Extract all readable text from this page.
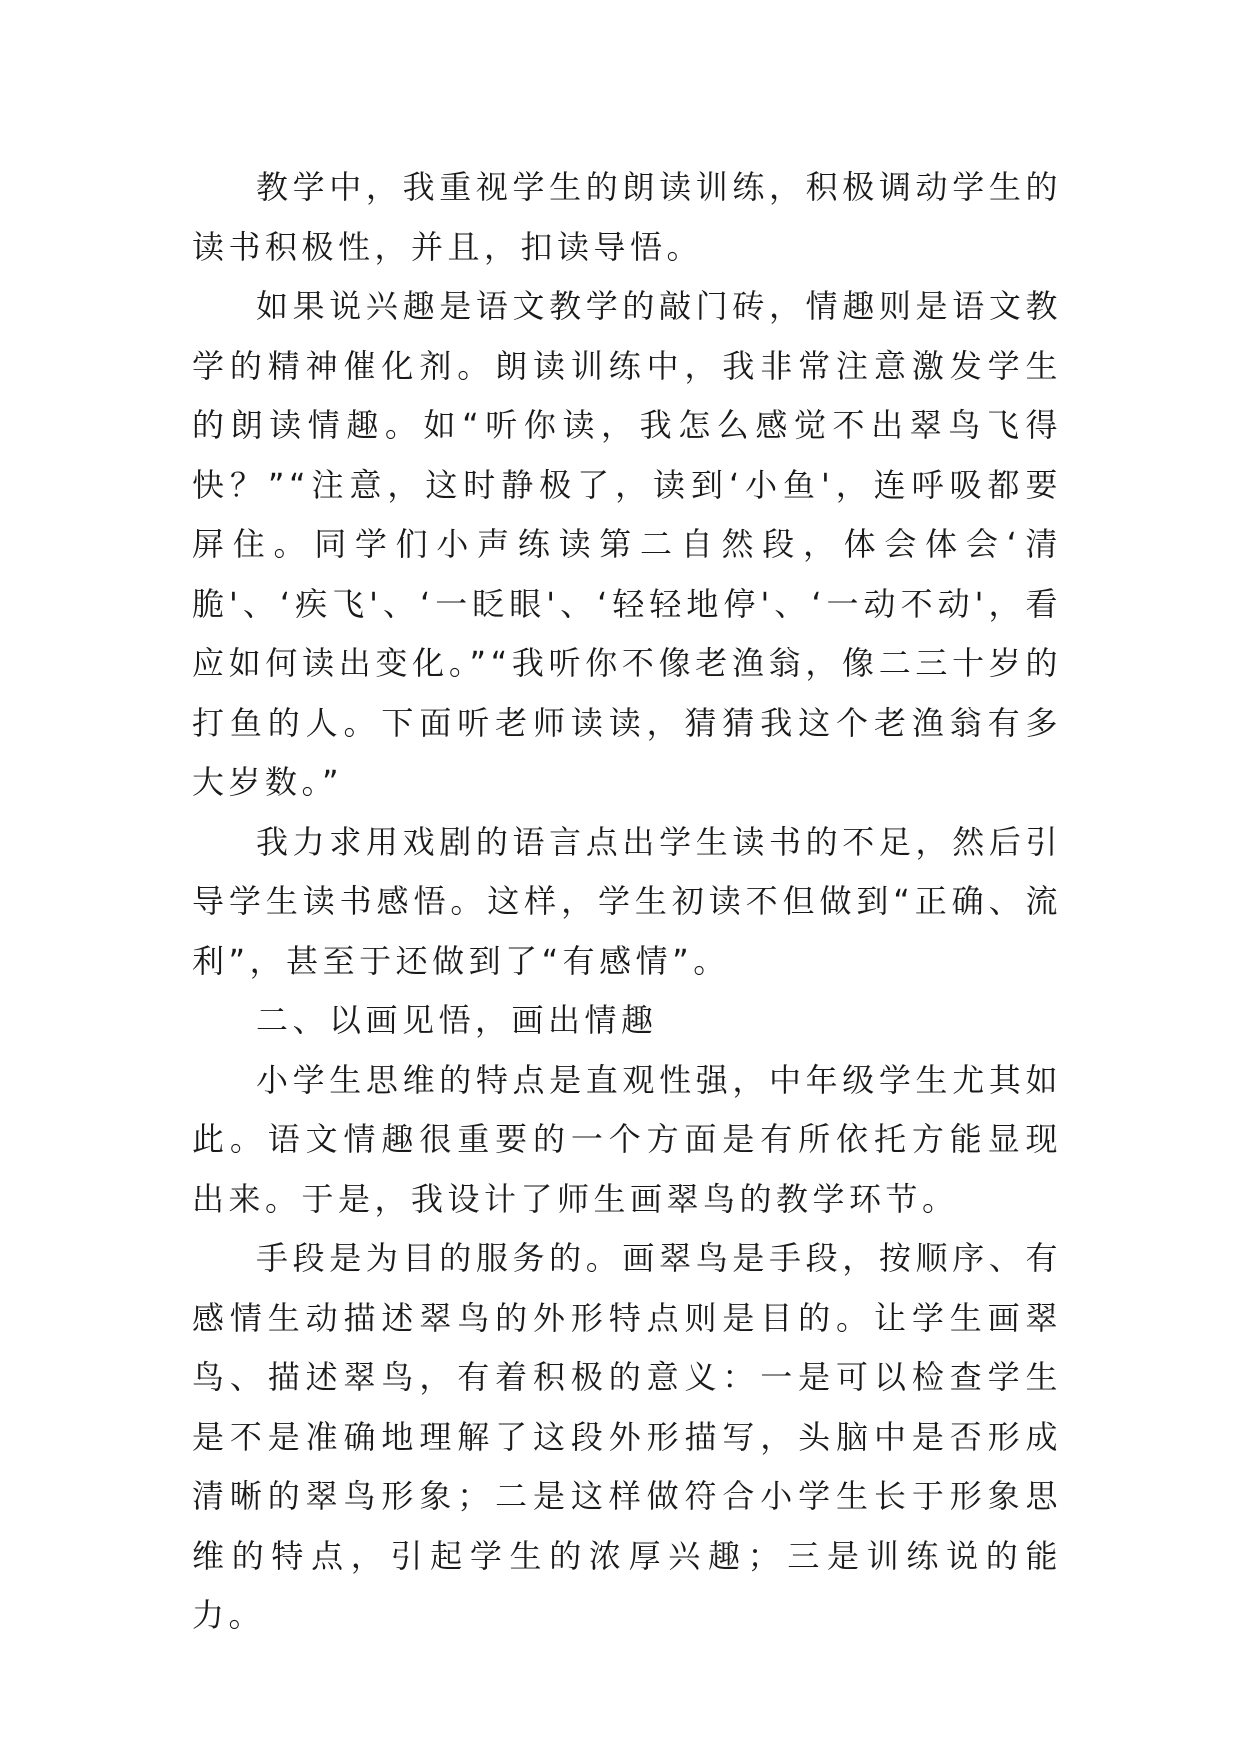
教学中，我重视学生的朗读训练，积极调动学生的读书积极性，并且，扣读导悟。

如果说兴趣是语文教学的敲门砖，情趣则是语文教学的精神催化剂。朗读训练中，我非常注意激发学生的朗读情趣。如“听你读，我怎么感觉不出翠鸟飞得快？”“注意，这时静极了，读到‘小鱼'，连呼吸都要屏住。同学们小声练读第二自然段，体会体会‘清脆'、‘疾飞'、‘一眨眼'、‘轻轻地停'、‘一动不动'，看应如何读出变化。”“我听你不像老渔翁，像二三十岁的打鱼的人。下面听老师读读，猜猜我这个老渔翁有多大岁数。”

我力求用戏剧的语言点出学生读书的不足，然后引导学生读书感悟。这样，学生初读不但做到“正确、流利”，甚至于还做到了“有感情”。

二、以画见悟，画出情趣

小学生思维的特点是直观性强，中年级学生尤其如此。语文情趣很重要的一个方面是有所依托方能显现出来。于是，我设计了师生画翠鸟的教学环节。

手段是为目的服务的。画翠鸟是手段，按顺序、有感情生动描述翠鸟的外形特点则是目的。让学生画翠鸟、描述翠鸟，有着积极的意义：一是可以检查学生是不是准确地理解了这段外形描写，头脑中是否形成清晰的翠鸟形象；二是这样做符合小学生长于形象思维的特点，引起学生的浓厚兴趣；三是训练说的能力。
